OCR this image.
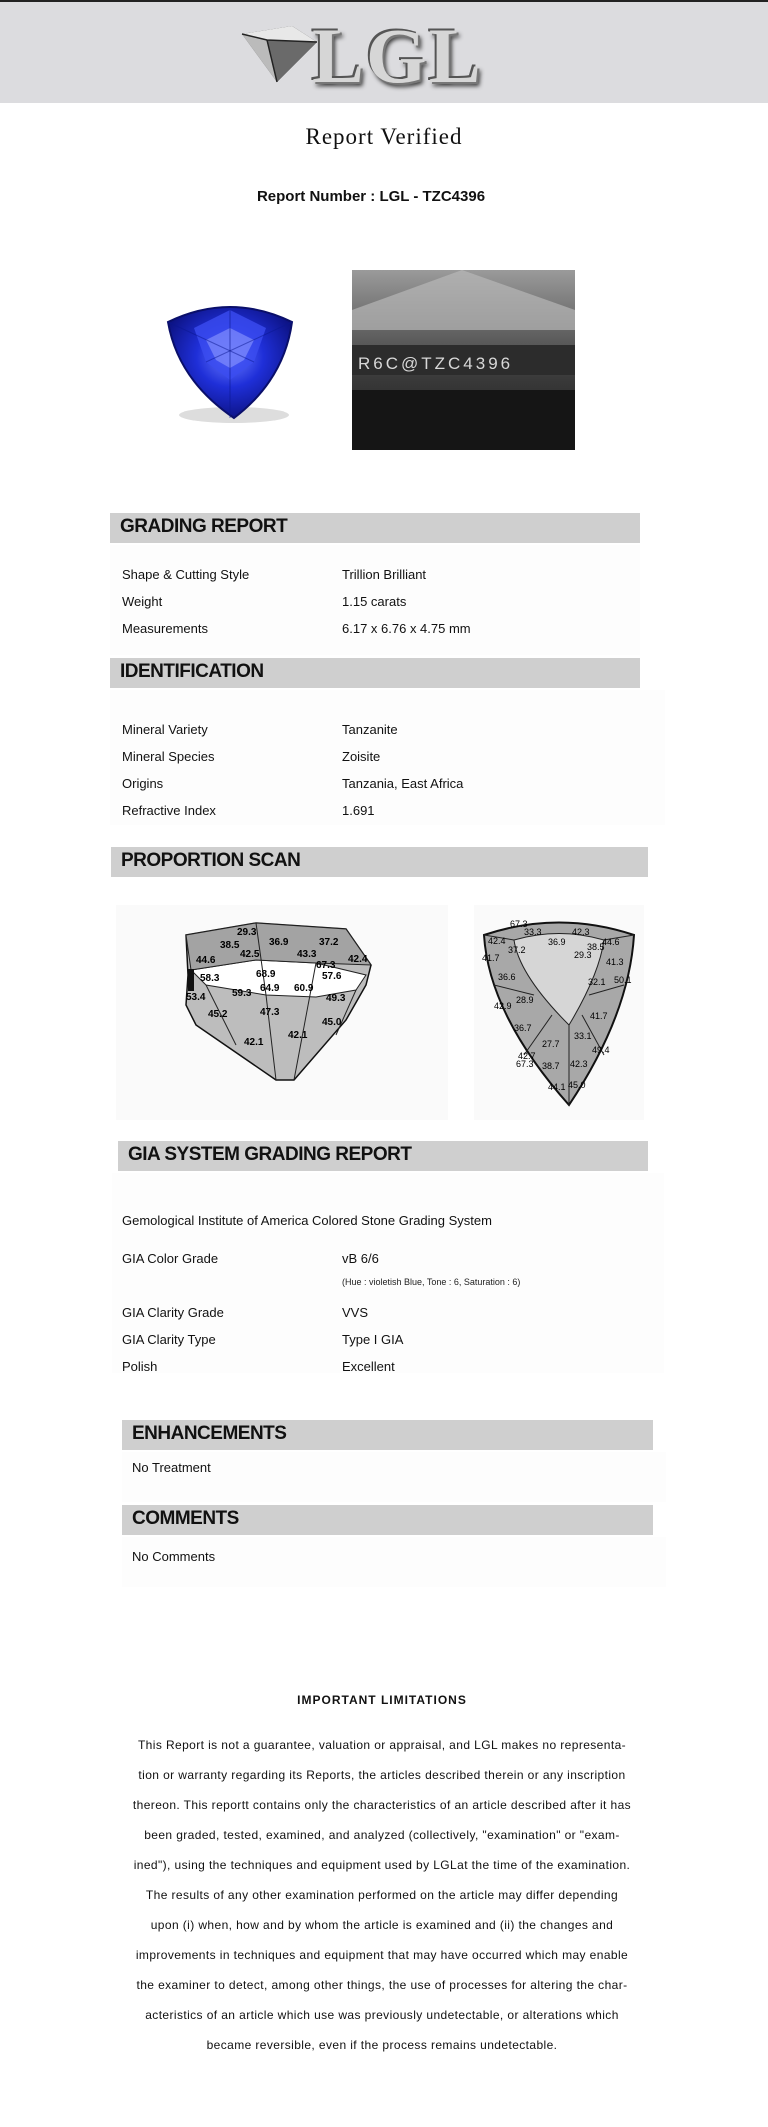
LGL
Report Verified
Report Number : LGL - TZC4396
R6C@TZC4396
GRADING REPORT
Shape & Cutting Style	Trillion Brilliant
Weight	1.15 carats
Measurements	6.17 x 6.76 x 4.75 mm
IDENTIFICATION
Mineral Variety	Tanzanite
Mineral Species	Zoisite
Origins	Tanzania, East Africa
Refractive Index	1.691
PROPORTION SCAN
29.3
38.5	36.9	37.2
44.6
42.5	43.3	42.4
67.3
68.9	57.6
58.3
59.3 64.9 60.9
53.4	49.3
45.2	47.3
45.0
42.1
42.1
67.3
33.3
42.4	36.9
42.3
44.6
37.2	38.5
41.7	29.3
41.3
36.6	32.1 50.1
28.9
42.9
36.7
41.7
27.7
33.1
49.4
67.3
42.7
38.7 42.3
44.1 45.0
GIA SYSTEM GRADING REPORT
Gemological Institute of America Colored Stone Grading System
GIA Color Grade	vB 6/6
(Hue : violetish Blue, Tone : 6, Saturation : 6)
GIA Clarity Grade	VVS
GIA Clarity Type	Type I GIA
Polish	Excellent
ENHANCEMENTS
No Treatment
COMMENTS
No Comments
IMPORTANT LIMITATIONS
This Report is not a guarantee, valuation or appraisal, and LGL makes no representa-
tion or warranty regarding its Reports, the articles described therein or any inscription
thereon. This reportt contains only the characteristics of an article described after it has
been graded, tested, examined, and analyzed (collectively, "examination" or "exam-
ined"), using the techniques and equipment used by LGLat the time of the examination.
The results of any other examination performed on the article may differ depending
upon (i) when, how and by whom the article is examined and (ii) the changes and
improvements in techniques and equipment that may have occurred which may enable
the examiner to detect, among other things, the use of processes for altering the char-
acteristics of an article which use was previously undetectable, or alterations which
became reversible, even if the process remains undetectable.
